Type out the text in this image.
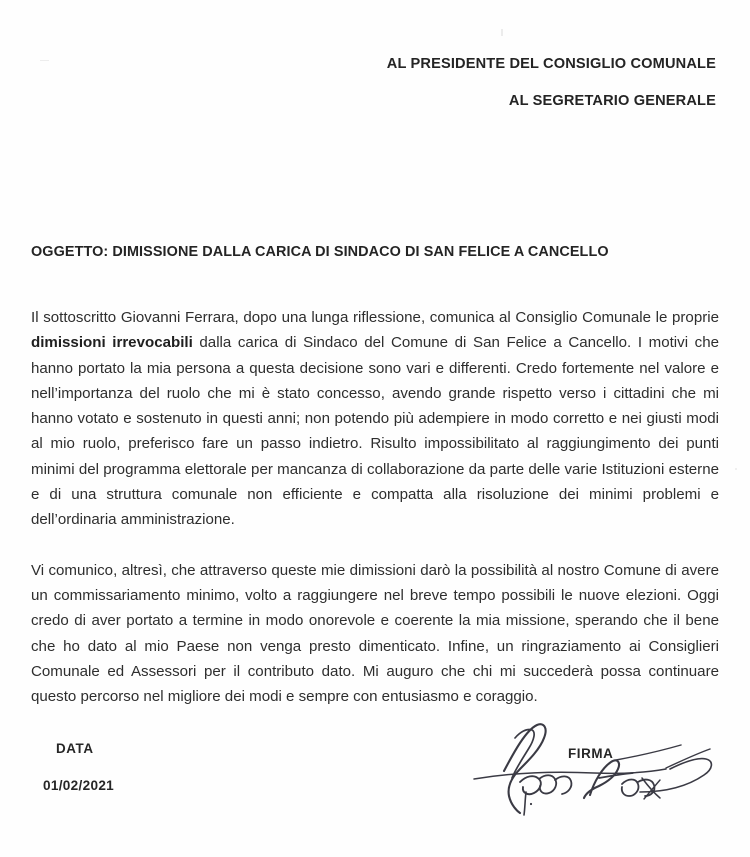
AL PRESIDENTE DEL CONSIGLIO COMUNALE
AL SEGRETARIO GENERALE
OGGETTO: DIMISSIONE DALLA CARICA DI SINDACO DI SAN FELICE A CANCELLO

Il sottoscritto Giovanni Ferrara, dopo una lunga riflessione, comunica al Consiglio Comunale le proprie dimissioni irrevocabili dalla carica di Sindaco del Comune di San Felice a Cancello. I motivi che hanno portato la mia persona a questa decisione sono vari e differenti. Credo fortemente nel valore e nell’importanza del ruolo che mi è stato concesso, avendo grande rispetto verso i cittadini che mi hanno votato e sostenuto in questi anni; non potendo più adempiere in modo corretto e nei giusti modi al mio ruolo, preferisco fare un passo indietro. Risulto impossibilitato al raggiungimento dei punti minimi del programma elettorale per mancanza di collaborazione da parte delle varie Istituzioni esterne e di una struttura comunale non efficiente e compatta alla risoluzione dei minimi problemi e dell’ordinaria amministrazione.

Vi comunico, altresì, che attraverso queste mie dimissioni darò la possibilità al nostro Comune di avere un commissariamento minimo, volto a raggiungere nel breve tempo possibili le nuove elezioni. Oggi credo di aver portato a termine in modo onorevole e coerente la mia missione, sperando che il bene che ho dato al mio Paese non venga presto dimenticato. Infine, un ringraziamento ai Consiglieri Comunale ed Assessori per il contributo dato. Mi auguro che chi mi succederà possa continuare questo percorso nel migliore dei modi e sempre con entusiasmo e coraggio.

DATA
01/02/2021
FIRMA
